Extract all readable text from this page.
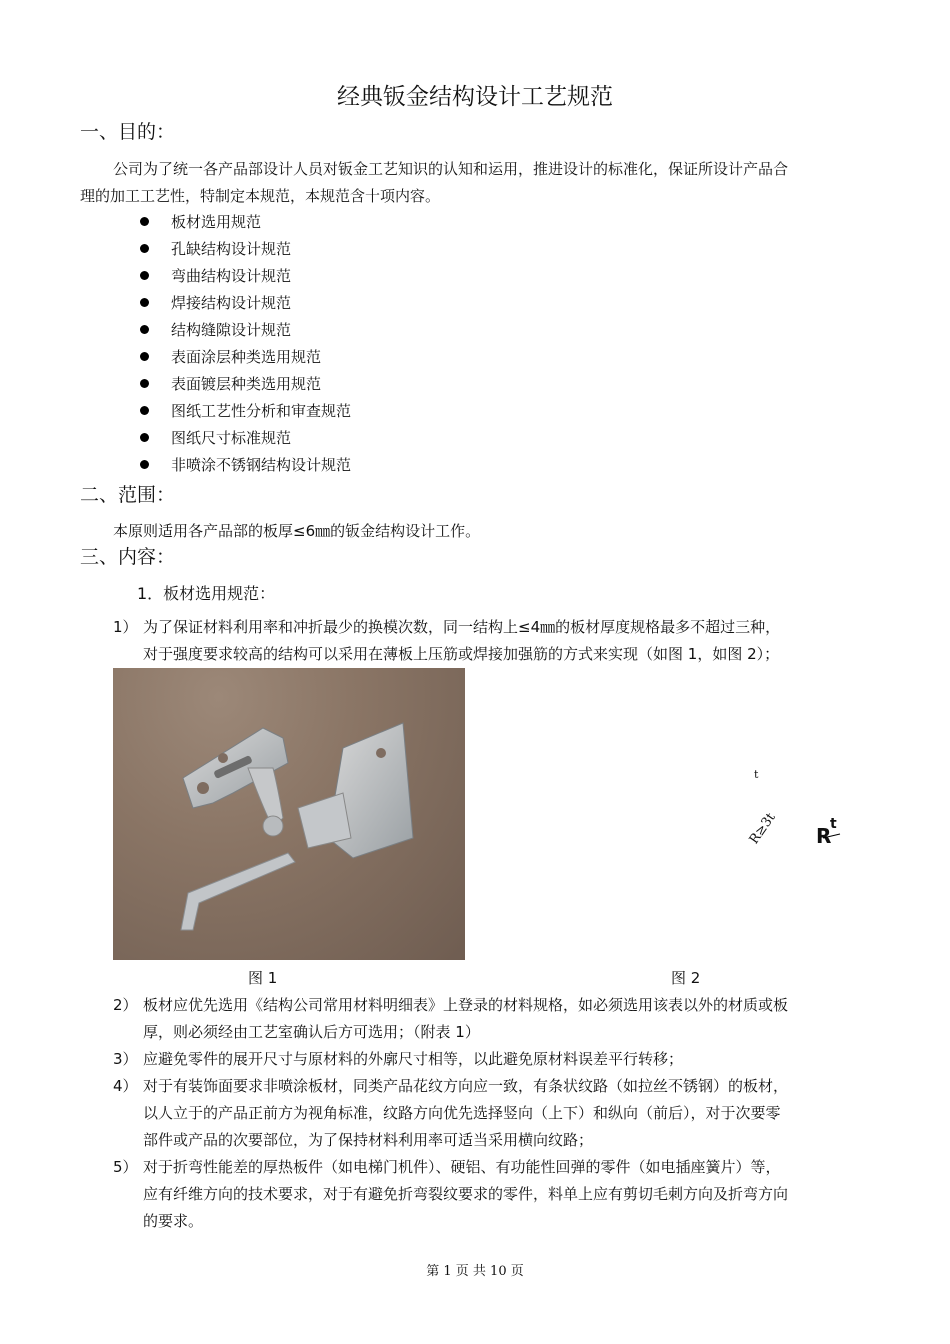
经典钣金结构设计工艺规范
一、目的：
公司为了统一各产品部设计人员对钣金工艺知识的认知和运用，推进设计的标准化，保证所设计产品合
理的加工工艺性，特制定本规范，本规范含十项内容。
板材选用规范
孔缺结构设计规范
弯曲结构设计规范
焊接结构设计规范
结构缝隙设计规范
表面涂层种类选用规范
表面镀层种类选用规范
图纸工艺性分析和审查规范
图纸尺寸标准规范
非喷涂不锈钢结构设计规范
二、范围：
本原则适用各产品部的板厚≤6㎜的钣金结构设计工作。
三、内容：
1．板材选用规范：
1） 为了保证材料利用率和冲折最少的换模次数，同一结构上≤4㎜的板材厚度规格最多不超过三种，
对于强度要求较高的结构可以采用在薄板上压筋或焊接加强筋的方式来实现（如图 1，如图 2）；
t
R≥3t R
t
图 1	图 2
2） 板材应优先选用《结构公司常用材料明细表》上登录的材料规格，如必须选用该表以外的材质或板
厚，则必须经由工艺室确认后方可选用；（附表 1）
3） 应避免零件的展开尺寸与原材料的外廓尺寸相等，以此避免原材料误差平行转移；
4） 对于有装饰面要求非喷涂板材，同类产品花纹方向应一致，有条状纹路（如拉丝不锈钢）的板材，
以人立于的产品正前方为视角标准，纹路方向优先选择竖向（上下）和纵向（前后），对于次要零
部件或产品的次要部位，为了保持材料利用率可适当采用横向纹路；
5） 对于折弯性能差的厚热板件（如电梯门机件）、硬铝、有功能性回弹的零件（如电插座簧片）等，
应有纤维方向的技术要求，对于有避免折弯裂纹要求的零件，料单上应有剪切毛刺方向及折弯方向
的要求。
第 1 页 共 10 页
